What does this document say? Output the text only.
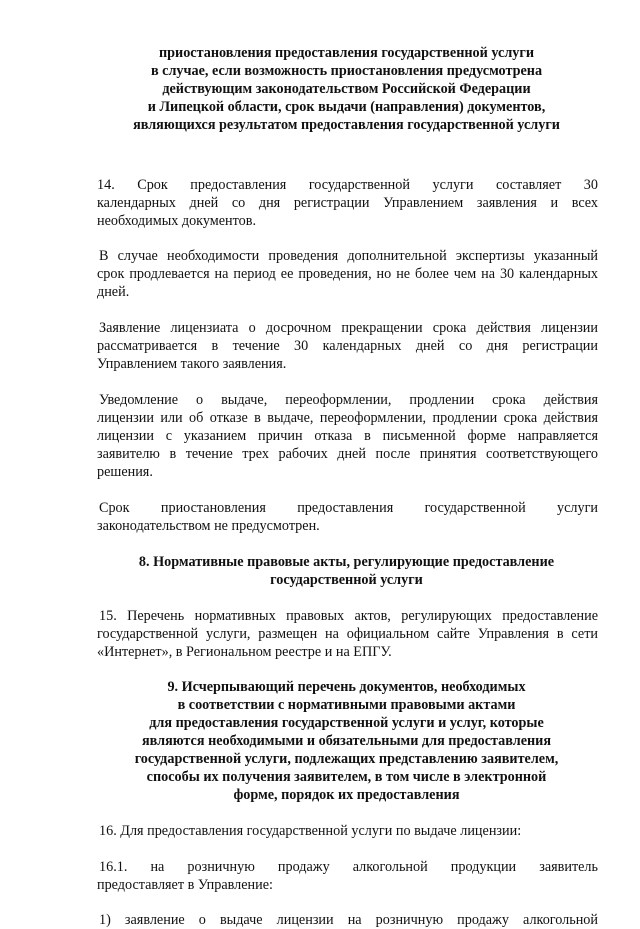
приостановления предоставления государственной услуги
в случае, если возможность приостановления предусмотрена
действующим законодательством Российской Федерации
и Липецкой области, срок выдачи (направления) документов,
являющихся результатом предоставления государственной услуги
14. Срок предоставления государственной услуги составляет 30
календарных дней со дня регистрации Управлением заявления и всех
необходимых документов.
В случае необходимости проведения дополнительной экспертизы указанный
срок продлевается на период ее проведения, но не более чем на 30 календарных
дней.
Заявление лицензиата о досрочном прекращении срока действия лицензии
рассматривается в течение 30 календарных дней со дня регистрации
Управлением такого заявления.
Уведомление о выдаче, переоформлении, продлении срока действия
лицензии или об отказе в выдаче, переоформлении, продлении срока действия
лицензии с указанием причин отказа в письменной форме направляется
заявителю в течение трех рабочих дней после принятия соответствующего
решения.
Срок приостановления предоставления государственной услуги
законодательством не предусмотрен.
8. Нормативные правовые акты, регулирующие предоставление
государственной услуги
15. Перечень нормативных правовых актов, регулирующих предоставление
государственной услуги, размещен на официальном сайте Управления в сети
«Интернет», в Региональном реестре и на ЕПГУ.
9. Исчерпывающий перечень документов, необходимых
в соответствии с нормативными правовыми актами
для предоставления государственной услуги и услуг, которые
являются необходимыми и обязательными для предоставления
государственной услуги, подлежащих представлению заявителем,
способы их получения заявителем, в том числе в электронной
форме, порядок их предоставления
16. Для предоставления государственной услуги по выдаче лицензии:
16.1. на розничную продажу алкогольной продукции заявитель
предоставляет в Управление:
1) заявление о выдаче лицензии на розничную продажу алкогольной
